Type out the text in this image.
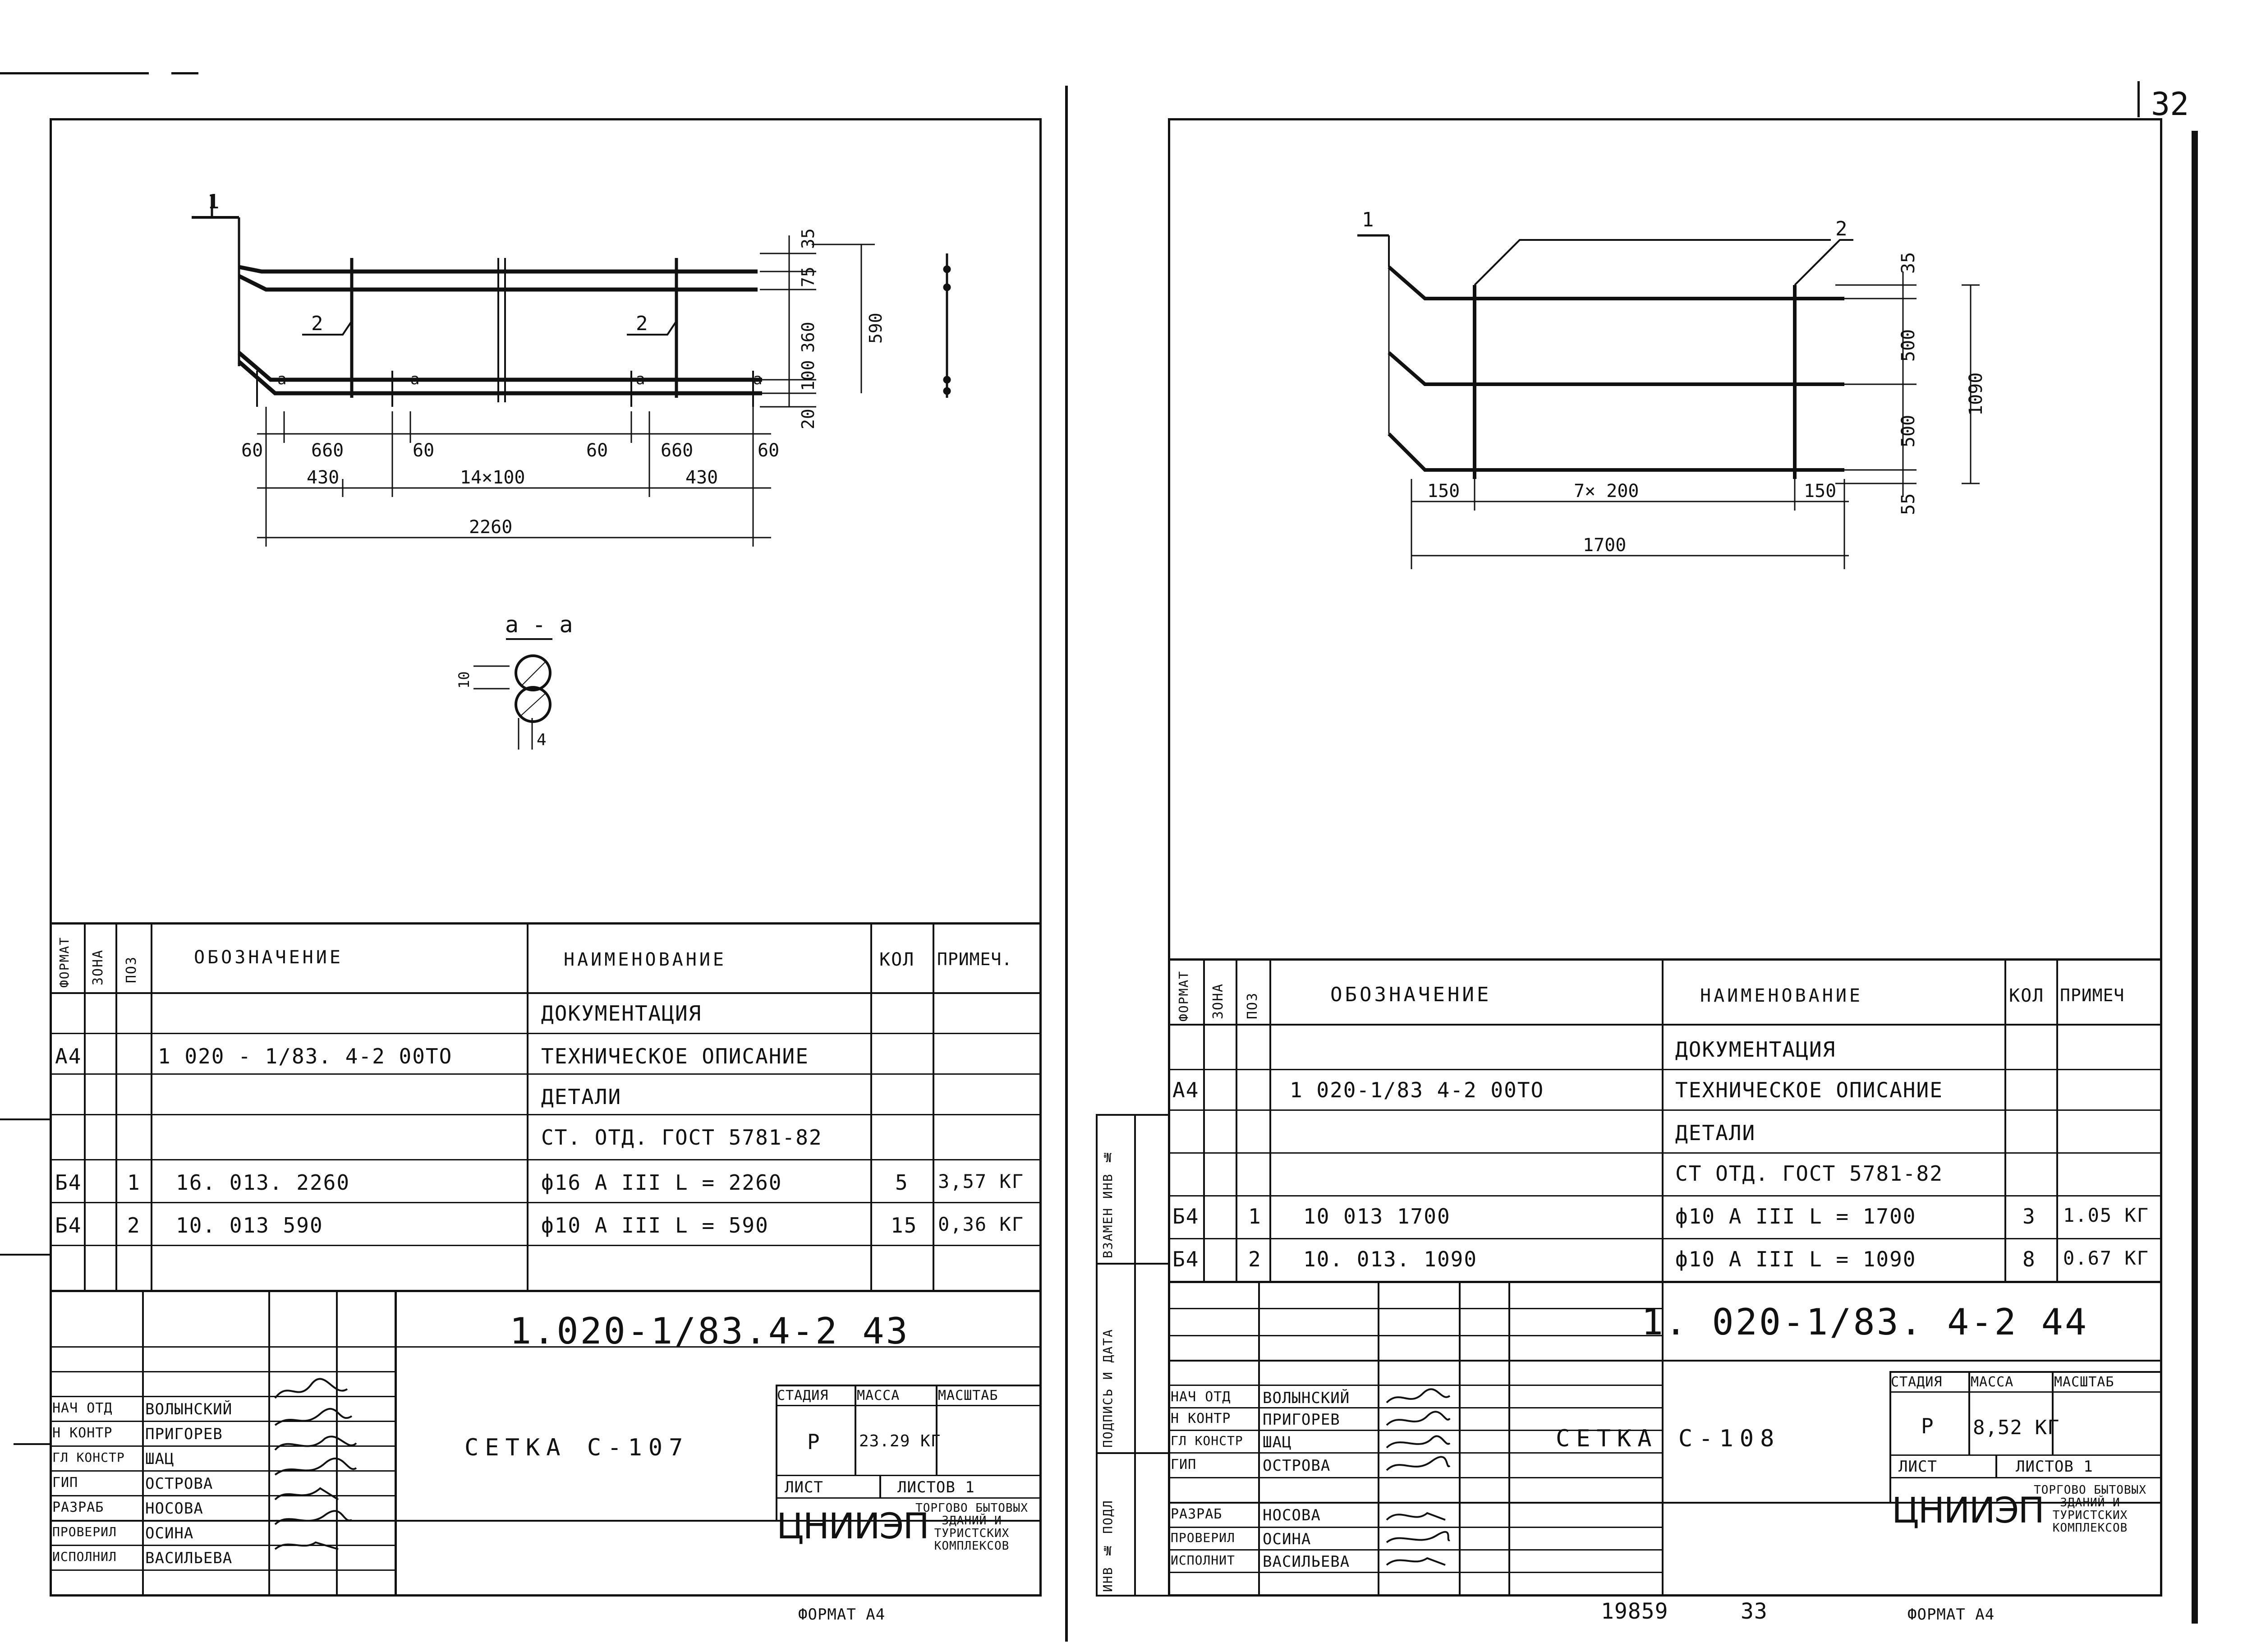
32
1
2	2
а	а	а	а
35
75
360
100
20
590
60	660	60	60	660	60
430	14×100	430
2260
а - а
10
4
ФОРМАТ ЗОНА ПОЗ	ОБОЗНАЧЕНИЕ	НАИМЕНОВАНИЕ	КОЛ ПРИМЕЧ.
ДОКУМЕНТАЦИЯ
А4	1 020 - 1/83. 4-2 00ТО	ТЕХНИЧЕСКОЕ ОПИСАНИЕ
ДЕТАЛИ
СТ. ОТД. ГОСТ 5781-82
Б4 1 16. 013. 2260	ф16 А III L = 2260	5 3,57 КГ
Б4 2 10. 013 590	ф10 А III L = 590	15 0,36 КГ
1.020-1/83.4-2 43
СЕТКА С-107
СТАДИЯ МАССА	МАСШТАБ
Р 23.29 КГ
ЛИСТ	ЛИСТОВ 1
ЦНИИЭП
ТОРГОВО БЫТОВЫХ ЗДАНИЙ И ТУРИСТСКИХ КОМПЛЕКСОВ
НАЧ ОТД ВОЛЫНСКИЙ
Н КОНТР ПРИГОРЕВ
ГЛ КОНСТР ШАЦ
ГИП	ОСТРОВА
РАЗРАБ	НОСОВА
ПРОВЕРИЛ ОСИНА
ИСПОЛНИЛ ВАСИЛЬЕВА
ФОРМАТ А4
ВЗАМЕН ИНВ №
ПОДПИСЬ И ДАТА
ИНВ № ПОДЛ
1	2
35
500
500
55
1090
150	7× 200	150
1700
ФОРМАТ ЗОНА ПОЗ	ОБОЗНАЧЕНИЕ	НАИМЕНОВАНИЕ	КОЛ ПРИМЕЧ
ДОКУМЕНТАЦИЯ
А4	1 020-1/83 4-2 00ТО	ТЕХНИЧЕСКОЕ ОПИСАНИЕ
ДЕТАЛИ
СТ ОТД. ГОСТ 5781-82
Б4 1 10 013 1700	ф10 А III L = 1700	3 1.05 КГ
Б4 2 10. 013. 1090	ф10 А III L = 1090	8 0.67 КГ
1. 020-1/83. 4-2 44
СЕТКА С-108
СТАДИЯ МАССА	МАСШТАБ
Р 8,52 КГ
ЛИСТ	ЛИСТОВ 1
ЦНИИЭП
ТОРГОВО БЫТОВЫХ ЗДАНИЙ И ТУРИСТСКИХ КОМПЛЕКСОВ
НАЧ ОТД ВОЛЫНСКИЙ
Н КОНТР ПРИГОРЕВ
ГЛ КОНСТР ШАЦ
ГИП	ОСТРОВА
РАЗРАБ	НОСОВА
ПРОВЕРИЛ ОСИНА
ИСПОЛНИТ ВАСИЛЬЕВА
19859	33	ФОРМАТ А4
